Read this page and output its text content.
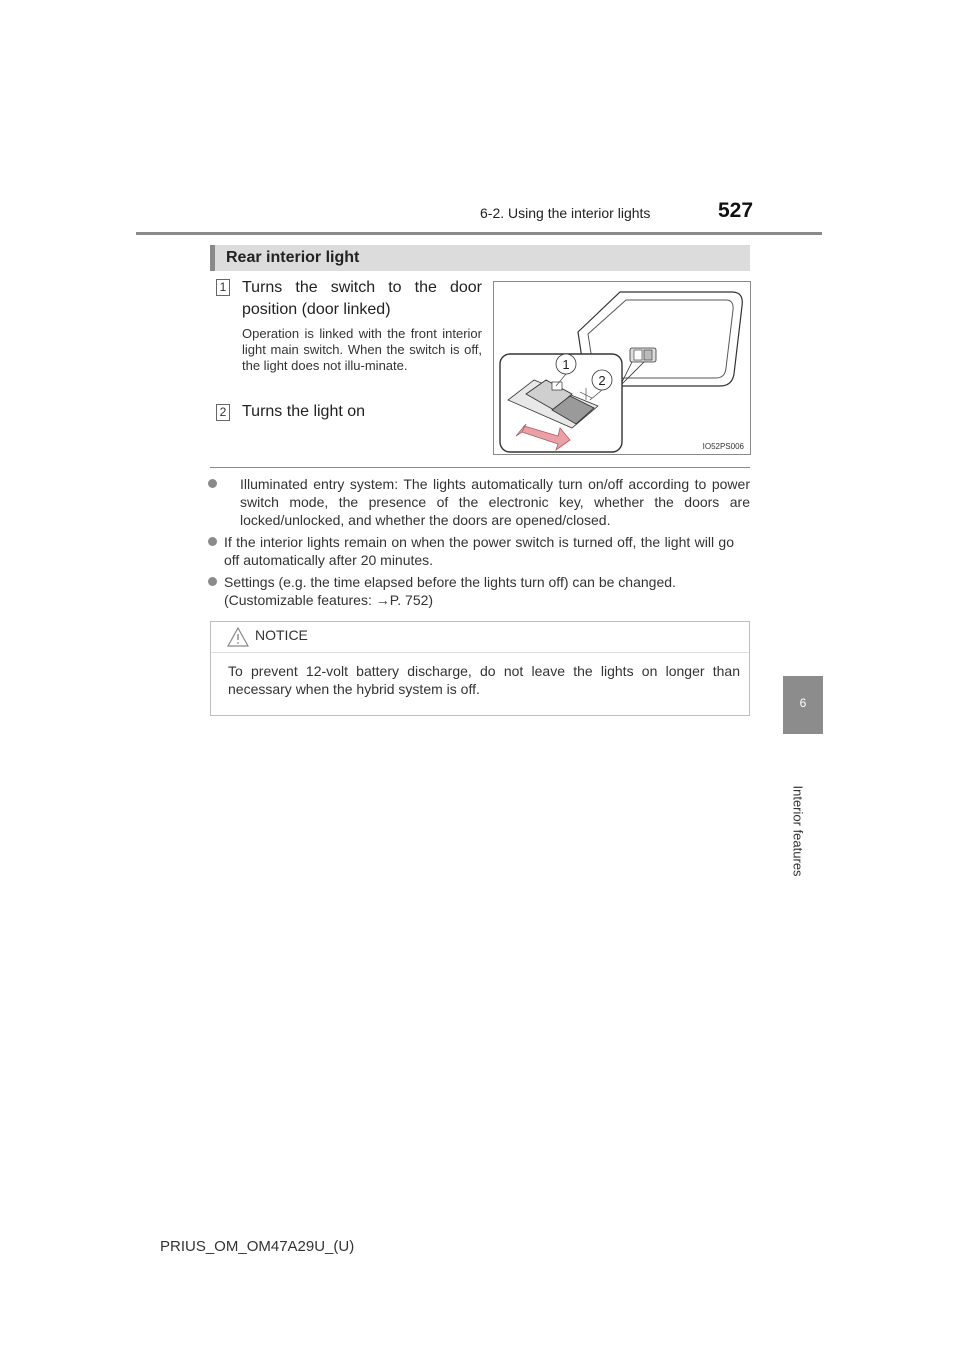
6-2. Using the interior lights	527
6
Interior features
Rear interior light
1 Turns the switch to the door
position (door linked)
Operation is linked with the front interior light main switch. When the switch is off, the light does not illu-minate.
2 Turns the light on
1
2
IO52PS006
Illuminated entry system: The lights automatically turn on/off according to power switch mode, the presence of the electronic key, whether the doors are locked/unlocked, and whether the doors are opened/closed.
If the interior lights remain on when the power switch is turned off, the light will go off automatically after 20 minutes.
Settings (e.g. the time elapsed before the lights turn off) can be changed.
(Customizable features: →P. 752)
NOTICE
To prevent 12-volt battery discharge, do not leave the lights on longer than necessary when the hybrid system is off.
PRIUS_OM_OM47A29U_(U)
